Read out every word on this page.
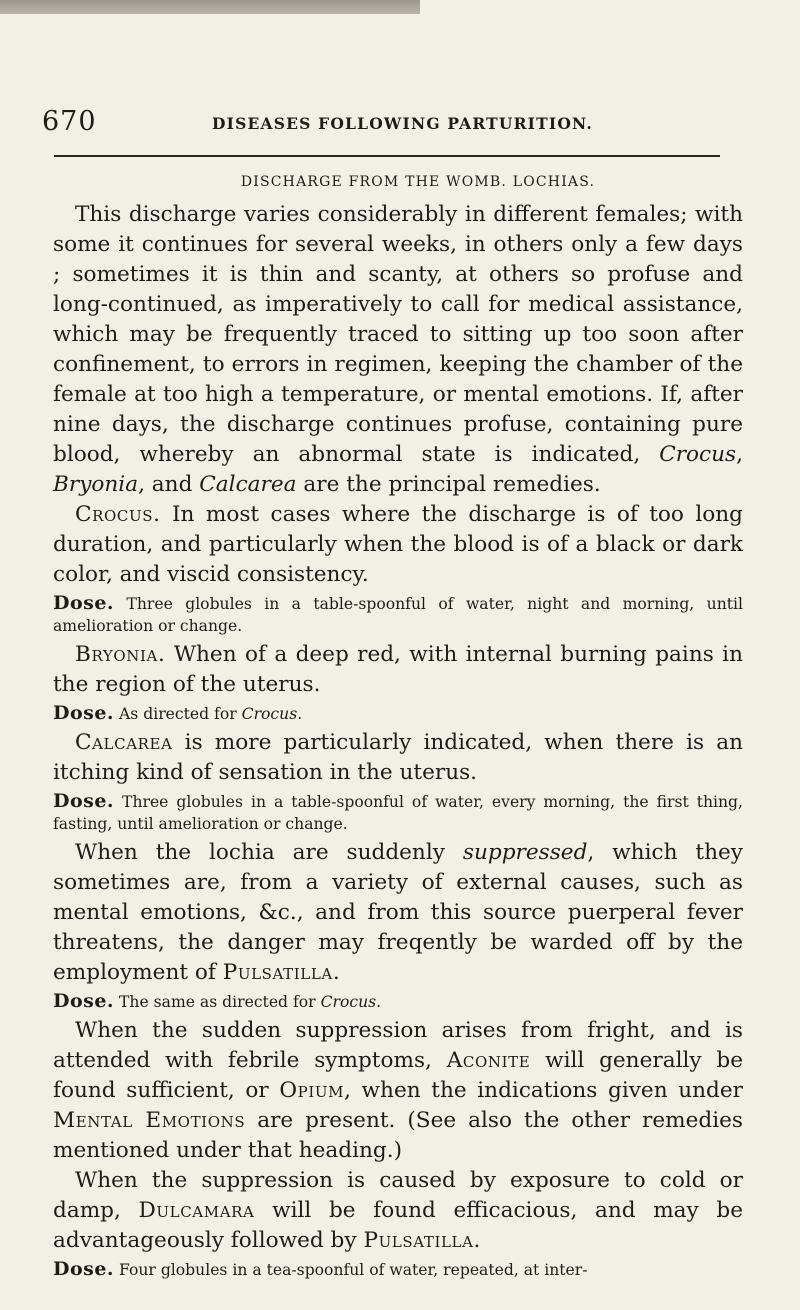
670	DISEASES FOLLOWING PARTURITION.
DISCHARGE FROM THE WOMB. LOCHIAS.

This discharge varies considerably in different females; with some it continues for several weeks, in others only a few days ; sometimes it is thin and scanty, at others so profuse and long-continued, as imperatively to call for medical assistance, which may be frequently traced to sitting up too soon after confinement, to errors in regimen, keeping the chamber of the female at too high a temperature, or mental emotions. If, after nine days, the discharge continues profuse, containing pure blood, whereby an abnormal state is indicated, Crocus, Bryonia, and Calcarea are the principal remedies.

Crocus. In most cases where the discharge is of too long duration, and particularly when the blood is of a black or dark color, and viscid consistency.

Dose. Three globules in a table-spoonful of water, night and morning, until amelioration or change.

Bryonia. When of a deep red, with internal burning pains in the region of the uterus.

Dose. As directed for Crocus.

Calcarea is more particularly indicated, when there is an itching kind of sensation in the uterus.

Dose. Three globules in a table-spoonful of water, every morning, the first thing, fasting, until amelioration or change.

When the lochia are suddenly suppressed, which they sometimes are, from a variety of external causes, such as mental emotions, &c., and from this source puerperal fever threatens, the danger may freqently be warded off by the employment of Pulsatilla.

Dose. The same as directed for Crocus.

When the sudden suppression arises from fright, and is attended with febrile symptoms, Aconite will generally be found sufficient, or Opium, when the indications given under Mental Emotions are present. (See also the other remedies mentioned under that heading.)

When the suppression is caused by exposure to cold or damp, Dulcamara will be found efficacious, and may be advantageously followed by Pulsatilla.

Dose. Four globules in a tea-spoonful of water, repeated, at inter-
